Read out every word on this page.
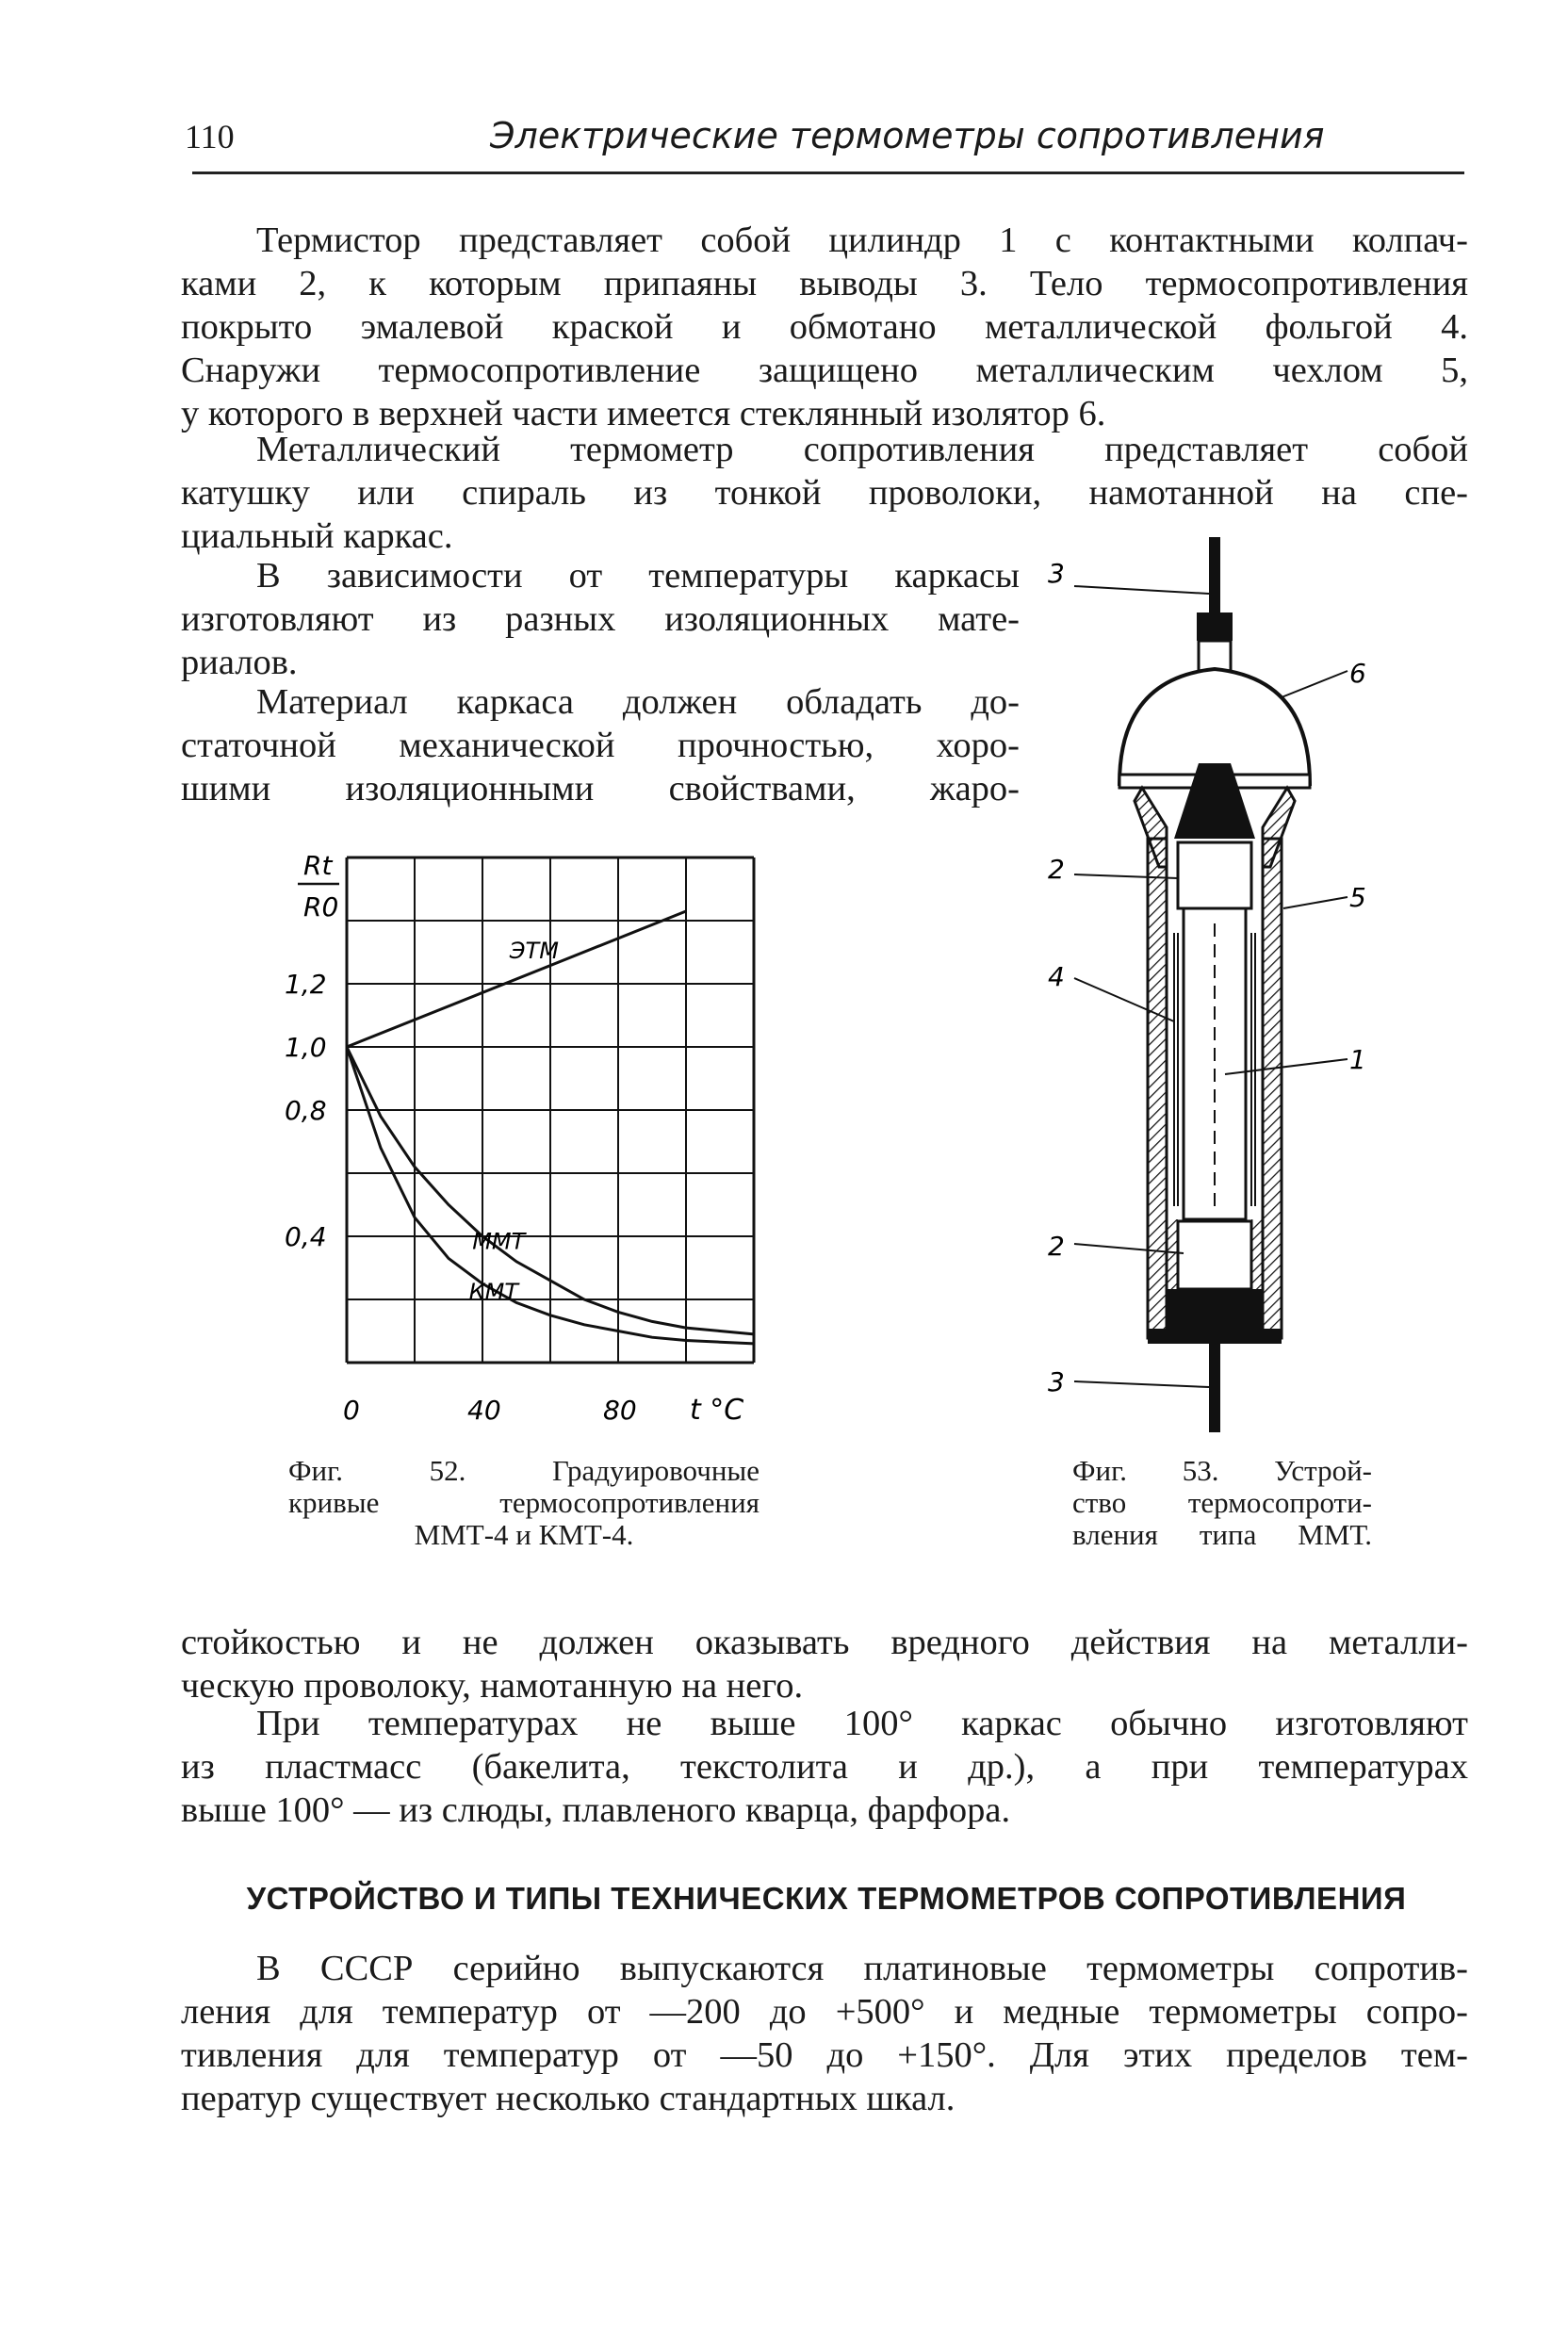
110	Электрические термометры сопротивления
Термистор представляет собой цилиндр 1 с контактными колпач-
ками 2, к которым припаяны выводы 3. Тело термосопротивления
покрыто эмалевой краской и обмотано металлической фольгой 4.
Снаружи термосопротивление защищено металлическим чехлом 5,
у которого в верхней части имеется стеклянный изолятор 6.
Металлический термометр сопротивления представляет собой
катушку или спираль из тонкой проволоки, намотанной на спе-
циальный каркас.
В зависимости от температуры каркасы
изготовляют из разных изоляционных мате-
риалов.
Материал каркаса должен обладать до-
статочной механической прочностью, хоро-
шими изоляционными свойствами, жаро-
ЭТМ
ММТ
КМТ
1,2
1,0
0,8
0,4
0	40	80
Rt
R0
t °C
Фиг. 52. Градуировочные
кривые термосопротивления
ММТ-4 и КМТ-4.
3
6
2
5
4
1
2
3
Фиг. 53. Устрой-
ство термосопроти-
вления типа ММТ.
стойкостью и не должен оказывать вредного действия на металли-
ческую проволоку, намотанную на него.
При температурах не выше 100° каркас обычно изготовляют
из пластмасс (бакелита, текстолита и др.), а при температурах
выше 100° — из слюды, плавленого кварца, фарфора.
УСТРОЙСТВО И ТИПЫ ТЕХНИЧЕСКИХ ТЕРМОМЕТРОВ СОПРОТИВЛЕНИЯ
В СССР серийно выпускаются платиновые термометры сопротив-
ления для температур от —200 до +500° и медные термометры сопро-
тивления для температур от —50 до +150°. Для этих пределов тем-
ператур существует несколько стандартных шкал.
